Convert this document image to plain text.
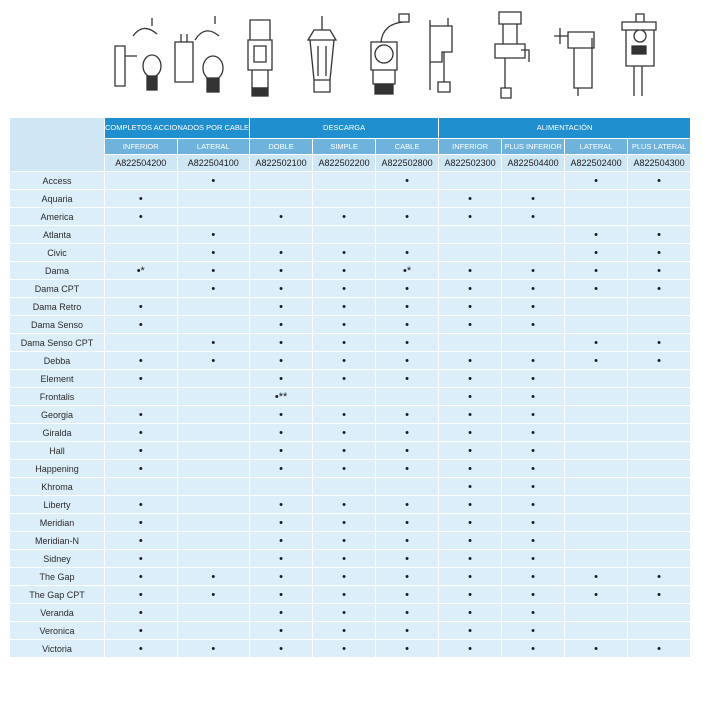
	COMPLETOS ACCIONADOS POR CABLE		DESCARGA			ALIMENTACIÓN			
	INFERIOR	LATERAL	DOBLE	SIMPLE	CABLE	INFERIOR	PLUS INFERIOR	LATERAL	PLUS LATERAL
	A822504200	A822504100	A822502100	A822502200	A822502800	A822502300	A822504400	A822502400	A822504300
Access		•			•			•	•
Aquaria	•					•	•		
America	•		•	•	•	•	•		
Atlanta		•						•	•
Civic		•	•	•	•			•	•
Dama	•*	•	•	•	•*	•	•	•	•
Dama CPT		•	•	•	•	•	•	•	•
Dama Retro	•		•	•	•	•	•		
Dama Senso	•		•	•	•	•	•		
Dama Senso CPT		•	•	•	•			•	•
Debba	•	•	•	•	•	•	•	•	•
Element	•		•	•	•	•	•		
Frontalis			•**			•	•		
Georgia	•		•	•	•	•	•		
Giralda	•		•	•	•	•	•		
Hall	•		•	•	•	•	•		
Happening	•		•	•	•	•	•		
Khroma						•	•		
Liberty	•		•	•	•	•	•		
Meridian	•		•	•	•	•	•		
Meridian-N	•		•	•	•	•	•		
Sidney	•		•	•	•	•	•		
The Gap	•	•	•	•	•	•	•	•	•
The Gap CPT	•	•	•	•	•	•	•	•	•
Veranda	•		•	•	•	•	•		
Veronica	•		•	•	•	•	•		
Victoria	•	•	•	•	•	•	•	•	•
